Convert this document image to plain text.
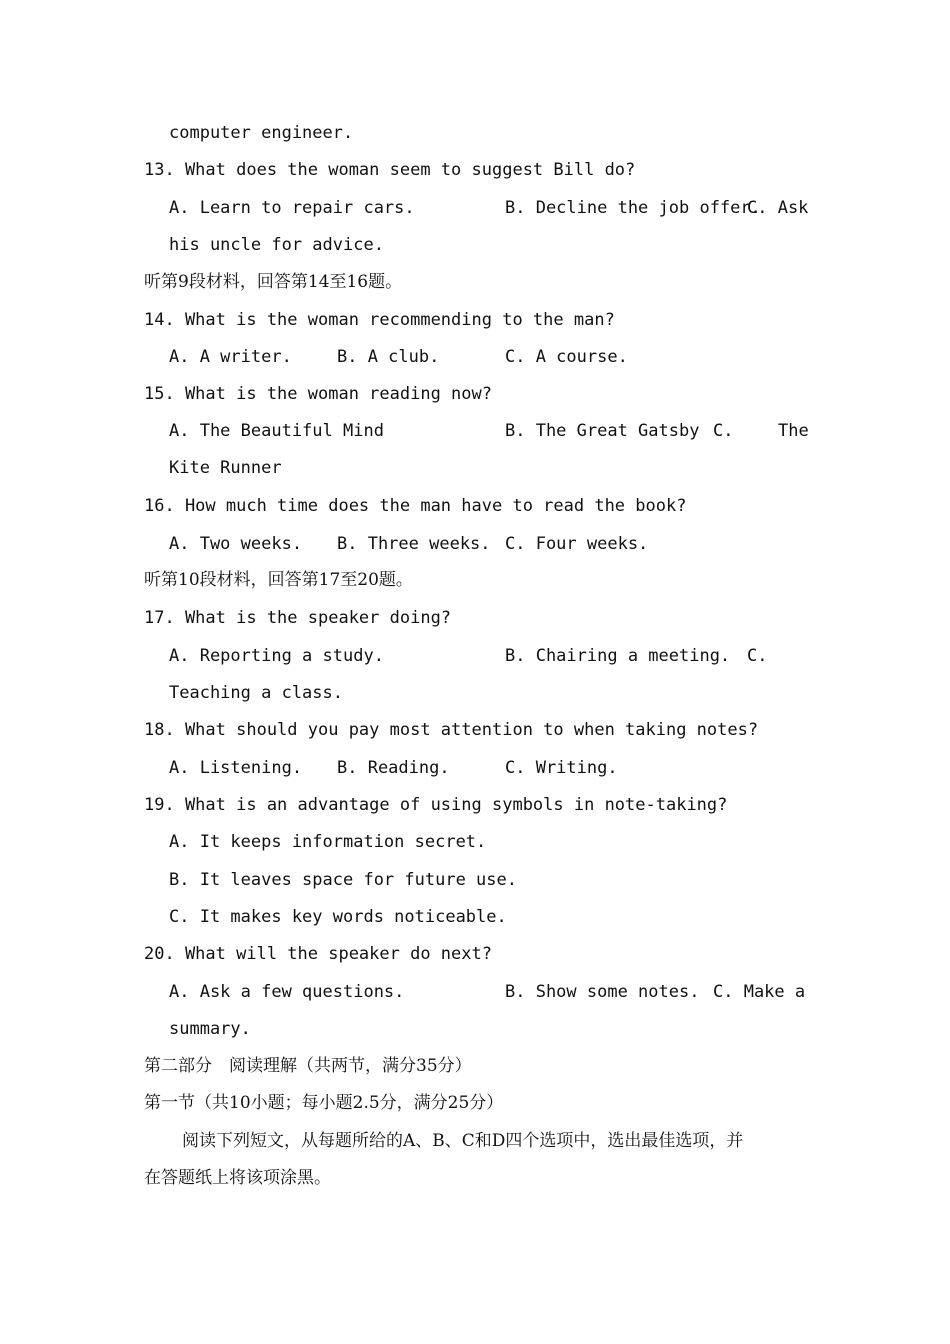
computer engineer.
13. What does the woman seem to suggest Bill do?
A. Learn to repair cars.	B. Decline the job offer.
C. Ask
his uncle for advice.
听第9段材料，回答第14至16题。
14. What is the woman recommending to the man?
A. A writer.	B. A club.	C. A course.
15. What is the woman reading now?
A. The Beautiful Mind	B. The Great Gatsby C.	The
Kite Runner
16. How much time does the man have to read the book?
A. Two weeks. B. Three weeks. C. Four weeks.
听第10段材料，回答第17至20题。
17. What is the speaker doing?
A. Reporting a study.	B. Chairing a meeting. C.
Teaching a class.
18. What should you pay most attention to when taking notes?
A. Listening. B. Reading.	C. Writing.
19. What is an advantage of using symbols in note-taking?
A. It keeps information secret.
B. It leaves space for future use.
C. It makes key words noticeable.
20. What will the speaker do next?
A. Ask a few questions.	B. Show some notes. C. Make a
summary.
第二部分　阅读理解（共两节，满分35分）
第一节（共10小题；每小题2.5分，满分25分）
阅读下列短文，从每题所给的A、B、C和D四个选项中，选出最佳选项，并
在答题纸上将该项涂黑。
